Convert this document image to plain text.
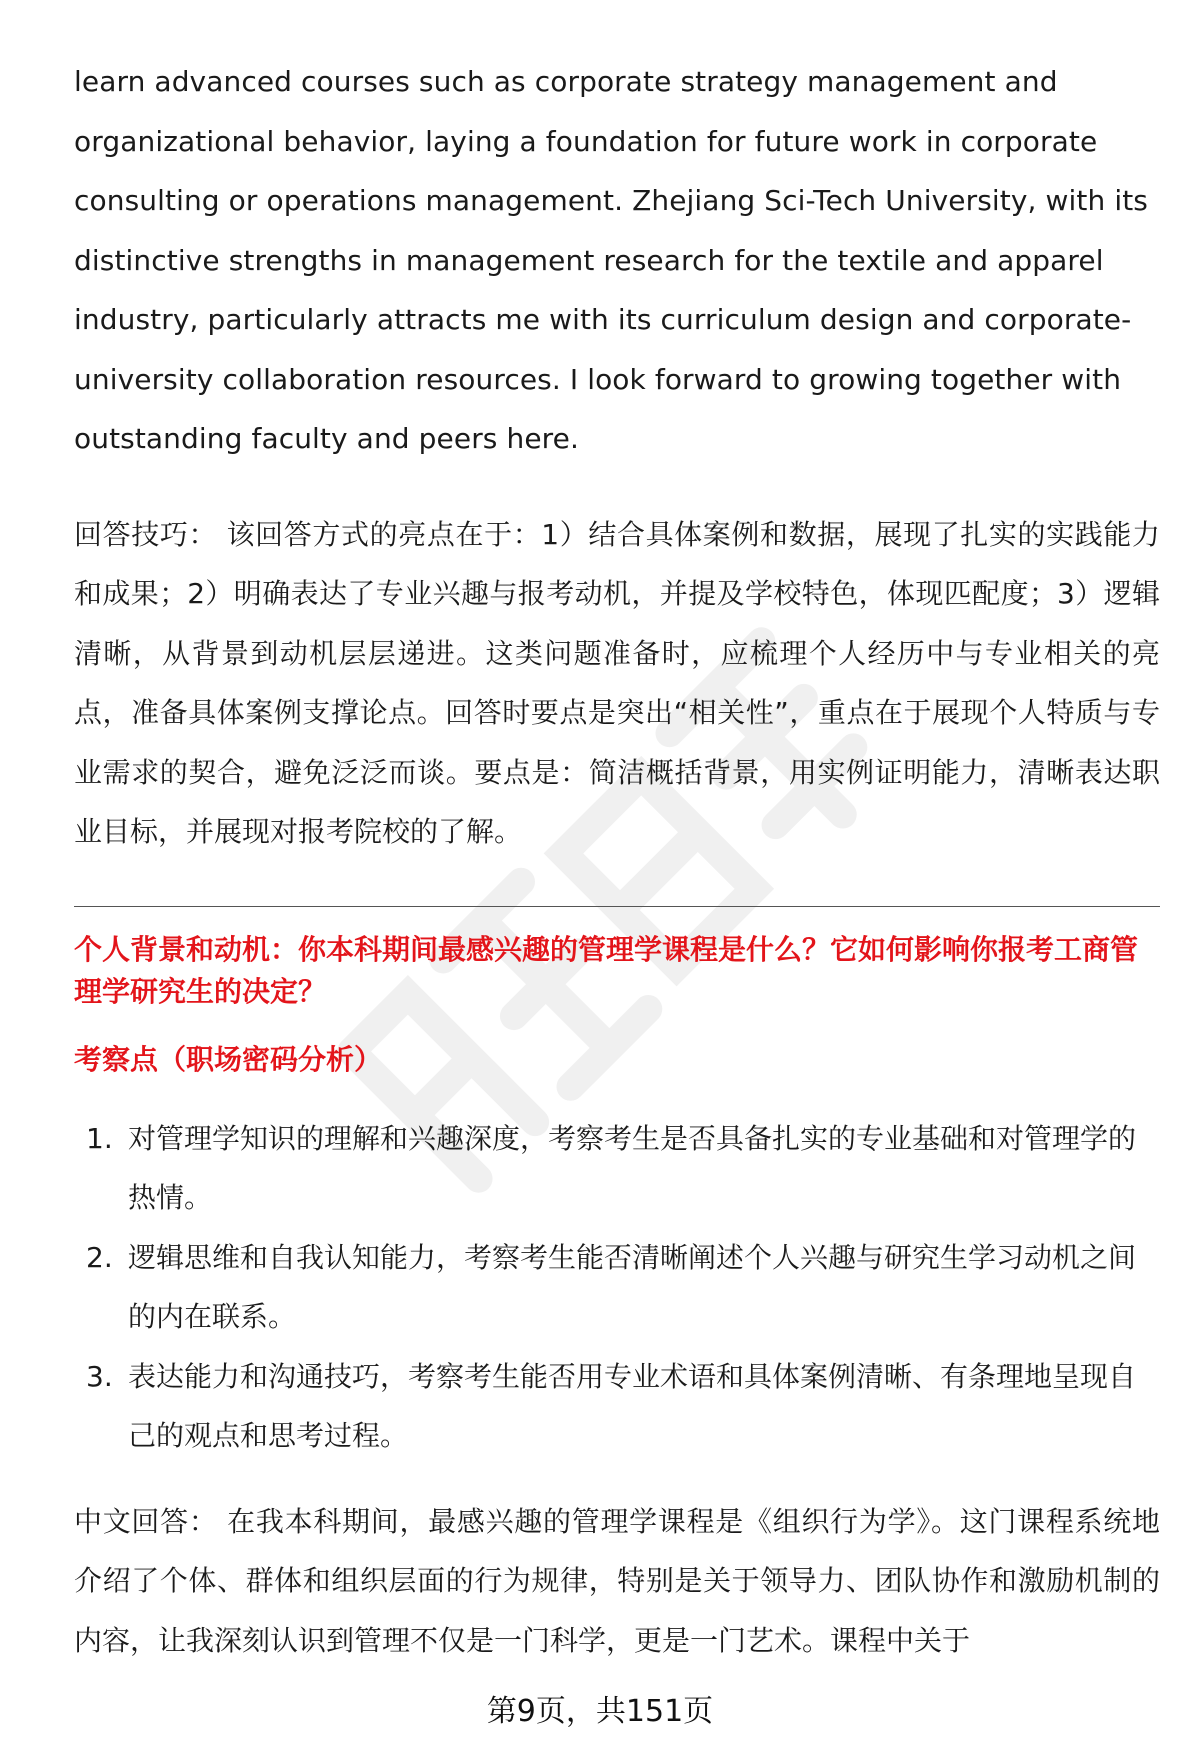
learn advanced courses such as corporate strategy management and organizational behavior, laying a foundation for future work in corporate consulting or operations management. Zhejiang Sci-Tech University, with its distinctive strengths in management research for the textile and apparel industry, particularly attracts me with its curriculum design and corporate-university collaboration resources. I look forward to growing together with outstanding faculty and peers here.

回答技巧： 该回答方式的亮点在于：1）结合具体案例和数据，展现了扎实的实践能力和成果；2）明确表达了专业兴趣与报考动机，并提及学校特色，体现匹配度；3）逻辑清晰，从背景到动机层层递进。这类问题准备时，应梳理个人经历中与专业相关的亮点，准备具体案例支撑论点。回答时要点是突出“相关性”，重点在于展现个人特质与专业需求的契合，避免泛泛而谈。要点是：简洁概括背景，用实例证明能力，清晰表达职业目标，并展现对报考院校的了解。

个人背景和动机：你本科期间最感兴趣的管理学课程是什么？它如何影响你报考工商管理学研究生的决定？
考察点（职场密码分析）
1. 对管理学知识的理解和兴趣深度，考察考生是否具备扎实的专业基础和对管理学的热情。
2. 逻辑思维和自我认知能力，考察考生能否清晰阐述个人兴趣与研究生学习动机之间的内在联系。
3. 表达能力和沟通技巧，考察考生能否用专业术语和具体案例清晰、有条理地呈现自己的观点和思考过程。

中文回答： 在我本科期间，最感兴趣的管理学课程是《组织行为学》。这门课程系统地介绍了个体、群体和组织层面的行为规律，特别是关于领导力、团队协作和激励机制的内容，让我深刻认识到管理不仅是一门科学，更是一门艺术。课程中关于

第9页，共151页
